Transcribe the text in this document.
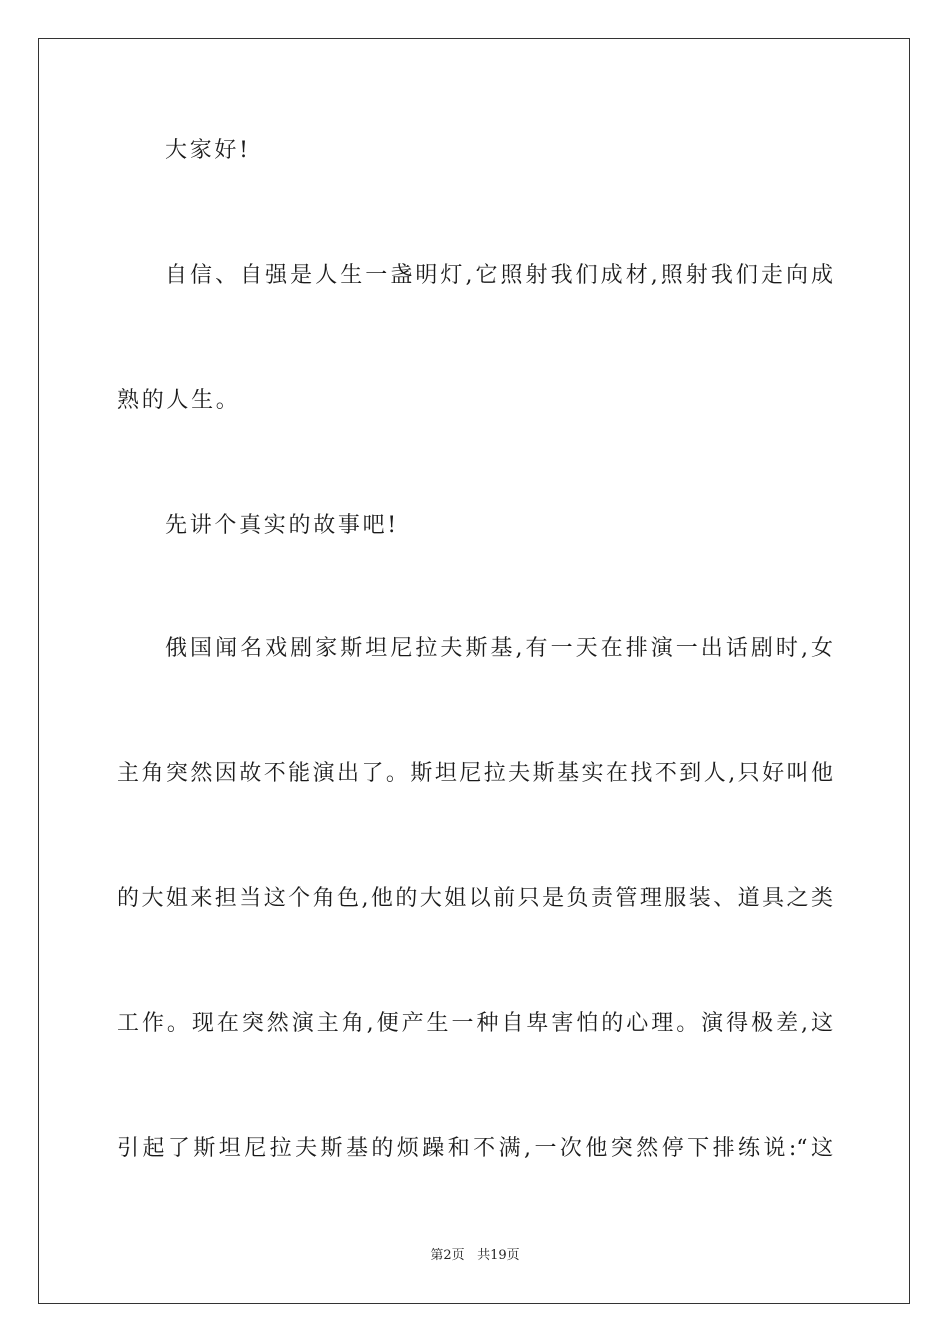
大家好!
自信、自强是人生一盏明灯,它照射我们成材,照射我们走向成
熟的人生。
先讲个真实的故事吧!
俄国闻名戏剧家斯坦尼拉夫斯基,有一天在排演一出话剧时,女
主角突然因故不能演出了。斯坦尼拉夫斯基实在找不到人,只好叫他
的大姐来担当这个角色,他的大姐以前只是负责管理服装、道具之类
工作。现在突然演主角,便产生一种自卑害怕的心理。演得极差,这
引起了斯坦尼拉夫斯基的烦躁和不满,一次他突然停下排练说:“这
第2页 共19页
